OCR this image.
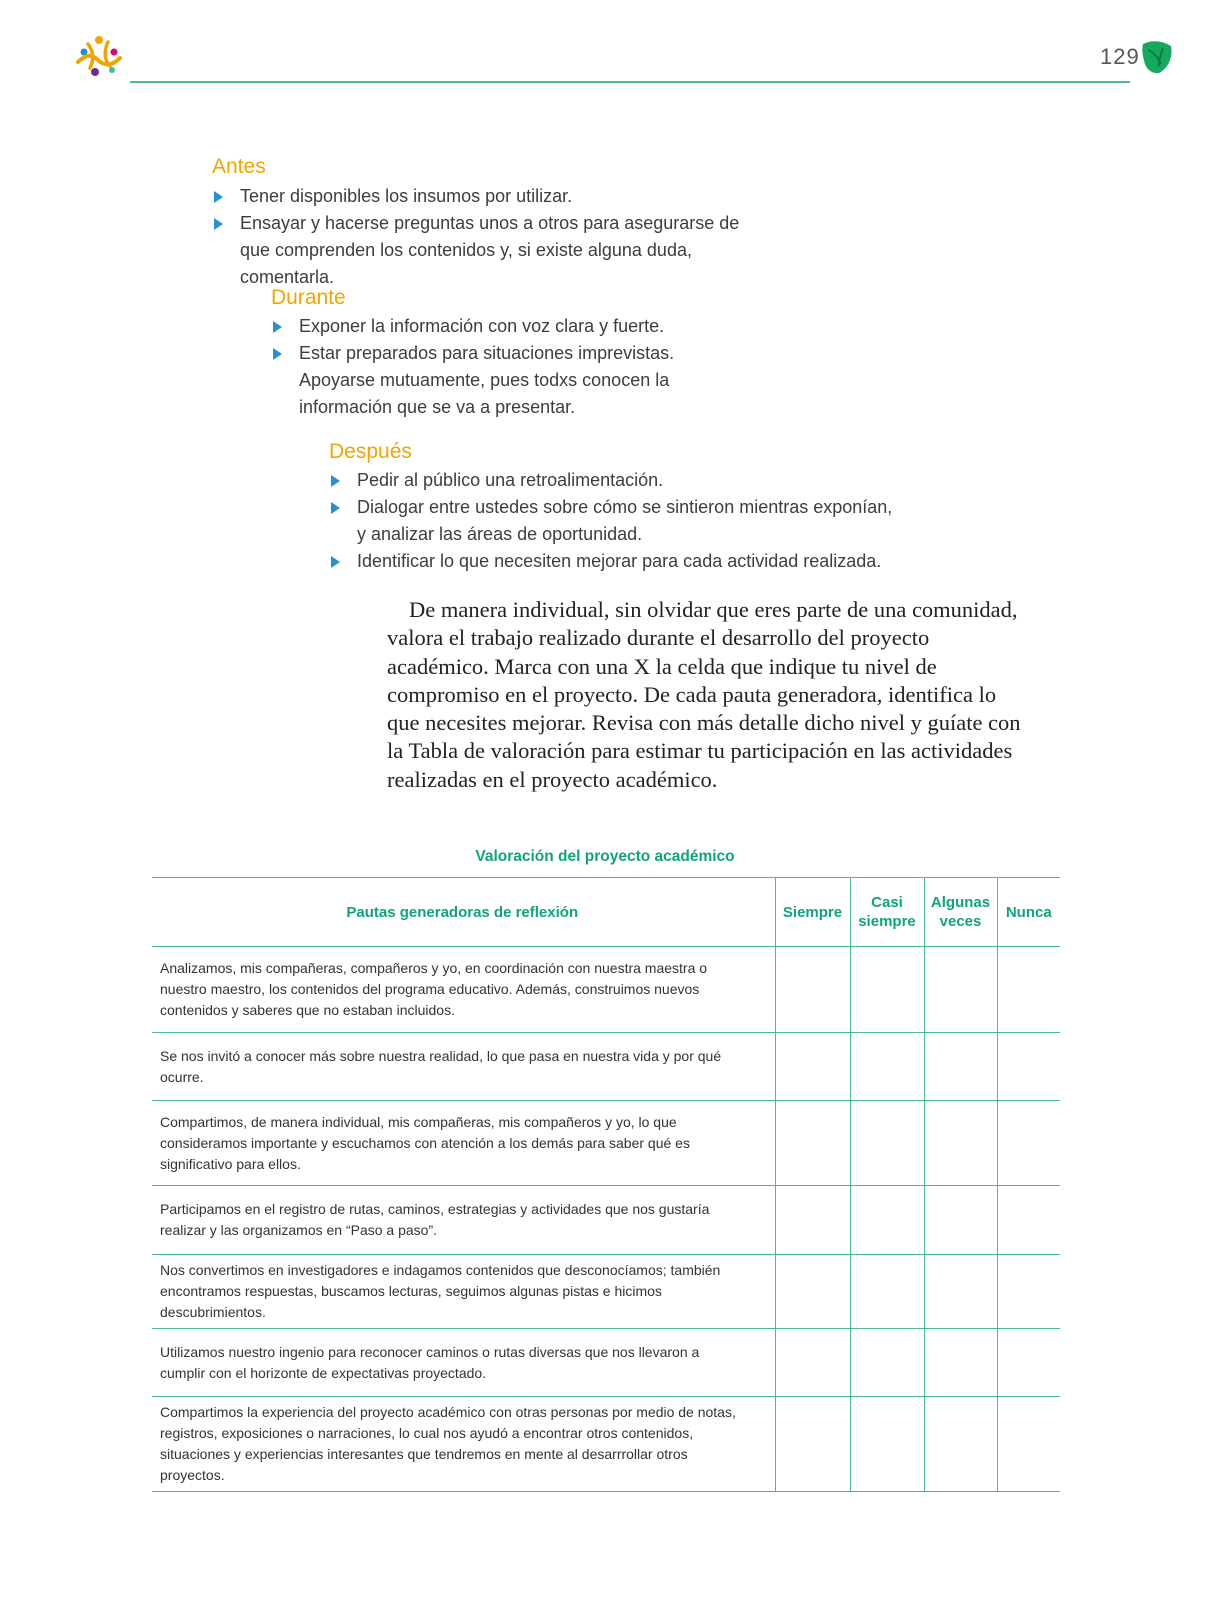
129
Antes
Tener disponibles los insumos por utilizar.
Ensayar y hacerse preguntas unos a otros para asegurarse de que comprenden los contenidos y, si existe alguna duda, comentarla.
Durante
Exponer la información con voz clara y fuerte.
Estar preparados para situaciones imprevistas. Apoyarse mutuamente, pues todxs conocen la información que se va a presentar.
Después
Pedir al público una retroalimentación.
Dialogar entre ustedes sobre cómo se sintieron mientras exponían, y analizar las áreas de oportunidad.
Identificar lo que necesiten mejorar para cada actividad realizada.

De manera individual, sin olvidar que eres parte de una comunidad, valora el trabajo realizado durante el desarrollo del proyecto académico. Marca con una X la celda que indique tu nivel de compromiso en el proyecto. De cada pauta generadora, identifica lo que necesites mejorar. Revisa con más detalle dicho nivel y guíate con la Tabla de valoración para estimar tu participación en las actividades realizadas en el proyecto académico.

Valoración del proyecto académico
Pautas generadoras de reflexión	Siempre	Casi siempre	Algunas veces	Nunca
Analizamos, mis compañeras, compañeros y yo, en coordinación con nuestra maestra o nuestro maestro, los contenidos del programa educativo. Además, construimos nuevos contenidos y saberes que no estaban incluidos.				
Se nos invitó a conocer más sobre nuestra realidad, lo que pasa en nuestra vida y por qué ocurre.				
Compartimos, de manera individual, mis compañeras, mis compañeros y yo, lo que consideramos importante y escuchamos con atención a los demás para saber qué es significativo para ellos.				
Participamos en el registro de rutas, caminos, estrategias y actividades que nos gustaría realizar y las organizamos en “Paso a paso”.				
Nos convertimos en investigadores e indagamos contenidos que desconocíamos; también encontramos respuestas, buscamos lecturas, seguimos algunas pistas e hicimos descubrimientos.				
Utilizamos nuestro ingenio para reconocer caminos o rutas diversas que nos llevaron a cumplir con el horizonte de expectativas proyectado.				
Compartimos la experiencia del proyecto académico con otras personas por medio de notas, registros, exposiciones o narraciones, lo cual nos ayudó a encontrar otros contenidos, situaciones y experiencias interesantes que tendremos en mente al desarrrollar otros proyectos.				
